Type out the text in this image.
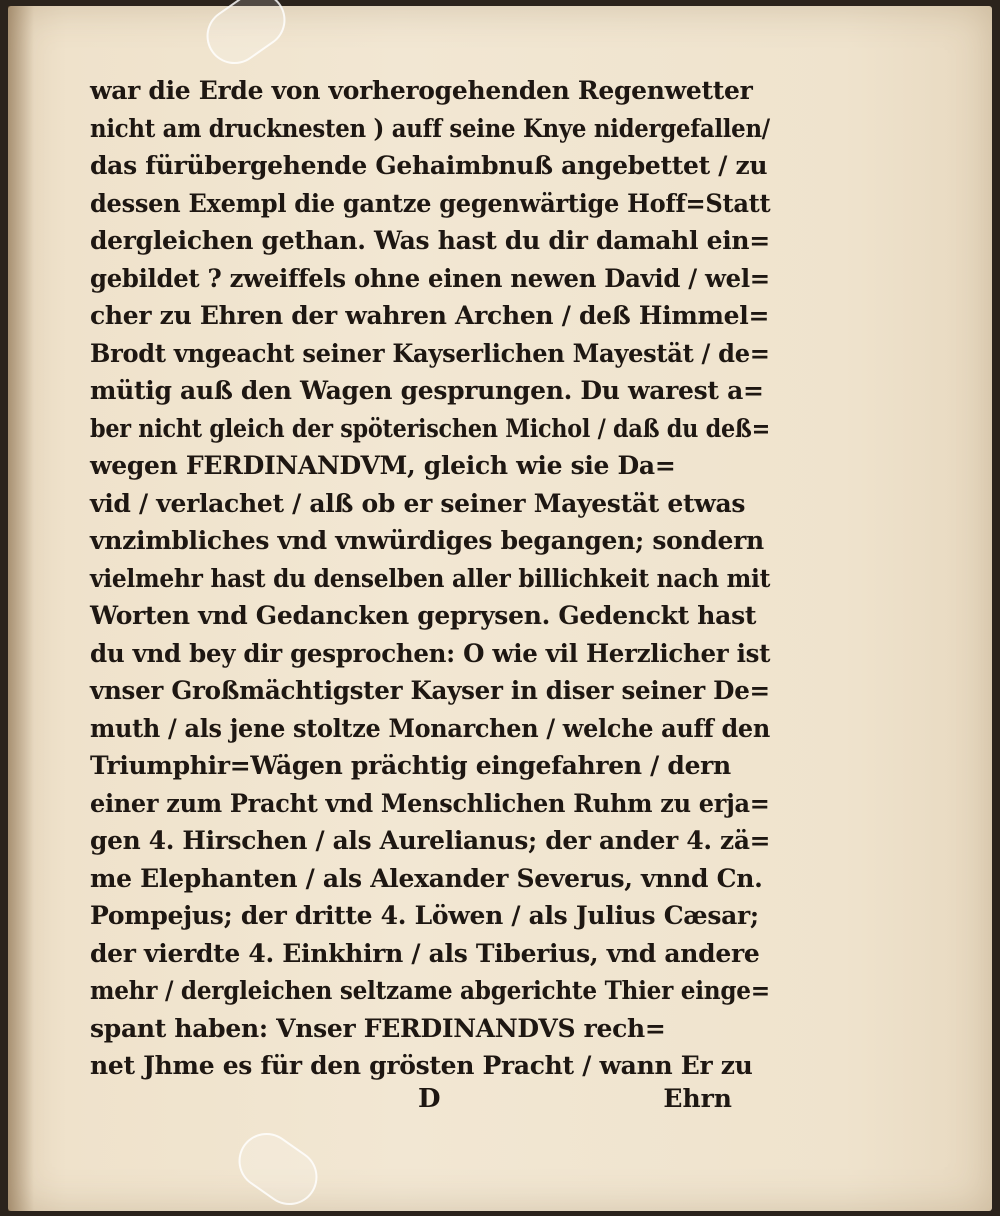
war die Erde von vorherogehenden Regenwetter
nicht am drucknesten ) auff seine Knye nidergefallen/
das fürübergehende Gehaimbnuß angebettet / zu
dessen Exempl die gantze gegenwärtige Hoff=Statt
dergleichen gethan. Was hast du dir damahl ein=
gebildet ? zweiffels ohne einen newen David / wel=
cher zu Ehren der wahren Archen / deß Himmel=
Brodt vngeacht seiner Kayserlichen Mayestät / de=
mütig auß den Wagen gesprungen. Du warest a=
ber nicht gleich der spöterischen Michol / daß du deß=
wegen FERDINANDVM, gleich wie sie Da=
vid / verlachet / alß ob er seiner Mayestät etwas
vnzimbliches vnd vnwürdiges begangen; sondern
vielmehr hast du denselben aller billichkeit nach mit
Worten vnd Gedancken geprysen. Gedenckt hast
du vnd bey dir gesprochen: O wie vil Herzlicher ist
vnser Großmächtigster Kayser in diser seiner De=
muth / als jene stoltze Monarchen / welche auff den
Triumphir=Wägen prächtig eingefahren / dern
einer zum Pracht vnd Menschlichen Ruhm zu erja=
gen 4. Hirschen / als Aurelianus; der ander 4. zä=
me Elephanten / als Alexander Severus, vnnd Cn.
Pompejus; der dritte 4. Löwen / als Julius Cæsar;
der vierdte 4. Einkhirn / als Tiberius, vnd andere
mehr / dergleichen seltzame abgerichte Thier einge=
spant haben: Vnser FERDINANDVS rech=
net Jhme es für den grösten Pracht / wann Er zu
D	Ehrn
